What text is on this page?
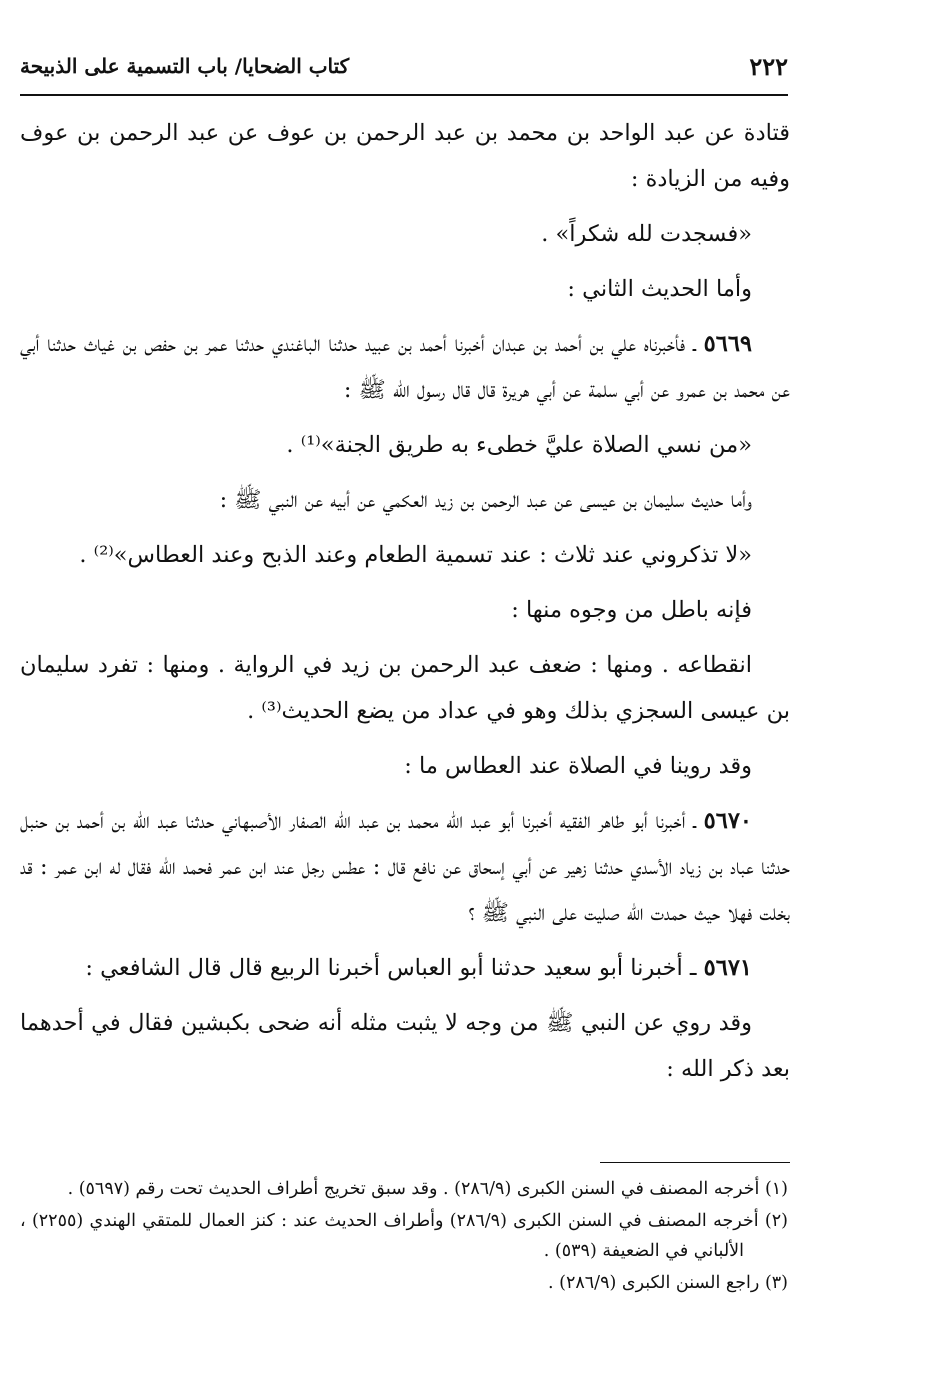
٢٢٢
كتاب الضحايا/ باب التسمية على الذبيحة

قتادة عن عبد الواحد بن محمد بن عبد الرحمن بن عوف عن عبد الرحمن بن عوف وفيه من الزيادة :

«فسجدت لله شكراً» .

وأما الحديث الثاني :

٥٦٦٩ ـ فأخبرناه علي بن أحمد بن عبدان أخبرنا أحمد بن عبيد حدثنا الباغندي حدثنا عمر بن حفص بن غياث حدثنا أبي عن محمد بن عمرو عن أبي سلمة عن أبي هريرة قال قال رسول الله ﷺ :

«من نسي الصلاة عليَّ خطىء به طريق الجنة»⁽¹⁾ .

وأما حديث سليمان بن عيسى عن عبد الرحمن بن زيد العكمي عن أبيه عن النبي ﷺ :

«لا تذكروني عند ثلاث : عند تسمية الطعام وعند الذبح وعند العطاس»⁽²⁾ .

فإنه باطل من وجوه منها :

انقطاعه . ومنها : ضعف عبد الرحمن بن زيد في الرواية . ومنها : تفرد سليمان بن عيسى السجزي بذلك وهو في عداد من يضع الحديث⁽³⁾ .

وقد روينا في الصلاة عند العطاس ما :

٥٦٧٠ ـ أخبرنا أبو طاهر الفقيه أخبرنا أبو عبد الله محمد بن عبد الله الصفار الأصبهاني حدثنا عبد الله بن أحمد بن حنبل حدثنا عباد بن زياد الأسدي حدثنا زهير عن أبي إسحاق عن نافع قال : عطس رجل عند ابن عمر فحمد الله فقال له ابن عمر : قد بخلت فهلا حيث حمدت الله صليت على النبي ﷺ ؟

٥٦٧١ ـ أخبرنا أبو سعيد حدثنا أبو العباس أخبرنا الربيع قال قال الشافعي :

وقد روي عن النبي ﷺ من وجه لا يثبت مثله أنه ضحى بكبشين فقال في أحدهما بعد ذكر الله :

(١) أخرجه المصنف في السنن الكبرى (٢٨٦/٩) . وقد سبق تخريج أطراف الحديث تحت رقم (٥٦٩٧) .

(٢) أخرجه المصنف في السنن الكبرى (٢٨٦/٩) وأطراف الحديث عند : كنز العمال للمتقي الهندي (٢٢٥٥) ، الألباني في الضعيفة (٥٣٩) .

(٣) راجع السنن الكبرى (٢٨٦/٩) .
